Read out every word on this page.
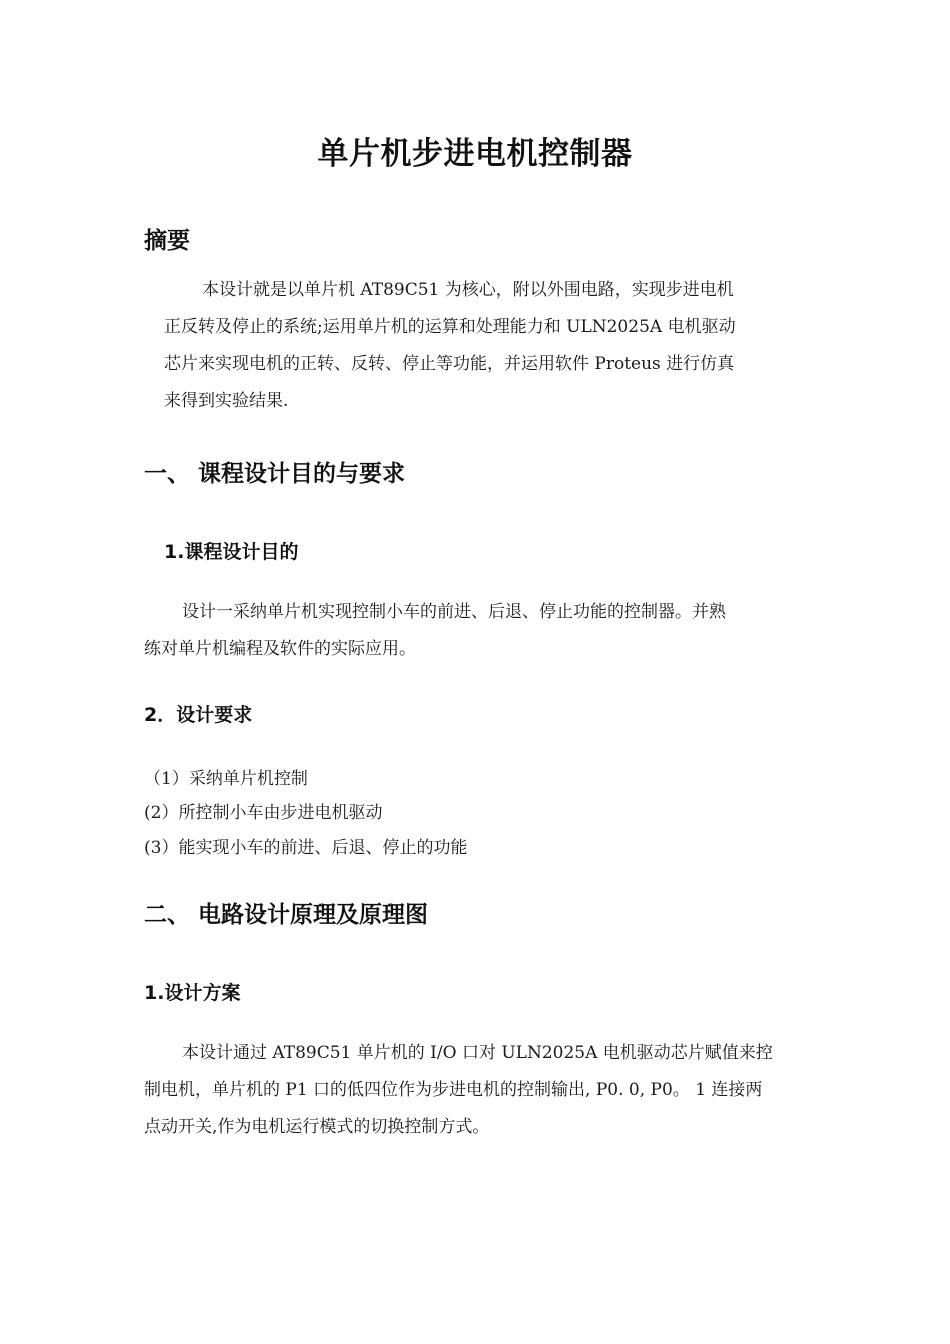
单片机步进电机控制器
摘要
本设计就是以单片机 AT89C51 为核心，附以外围电路，实现步进电机
正反转及停止的系统;运用单片机的运算和处理能力和 ULN2025A 电机驱动
芯片来实现电机的正转、反转、停止等功能，并运用软件 Proteus 进行仿真
来得到实验结果.
一、 课程设计目的与要求
1.课程设计目的
设计一采纳单片机实现控制小车的前进、后退、停止功能的控制器。并熟
练对单片机编程及软件的实际应用。
2．设计要求
（1）采纳单片机控制
(2）所控制小车由步进电机驱动
(3）能实现小车的前进、后退、停止的功能
二、 电路设计原理及原理图
1.设计方案
本设计通过 AT89C51 单片机的 I/O 口对 ULN2025A 电机驱动芯片赋值来控
制电机，单片机的 P1 口的低四位作为步进电机的控制输出, P0. 0, P0。 1 连接两
点动开关,作为电机运行模式的切换控制方式。
